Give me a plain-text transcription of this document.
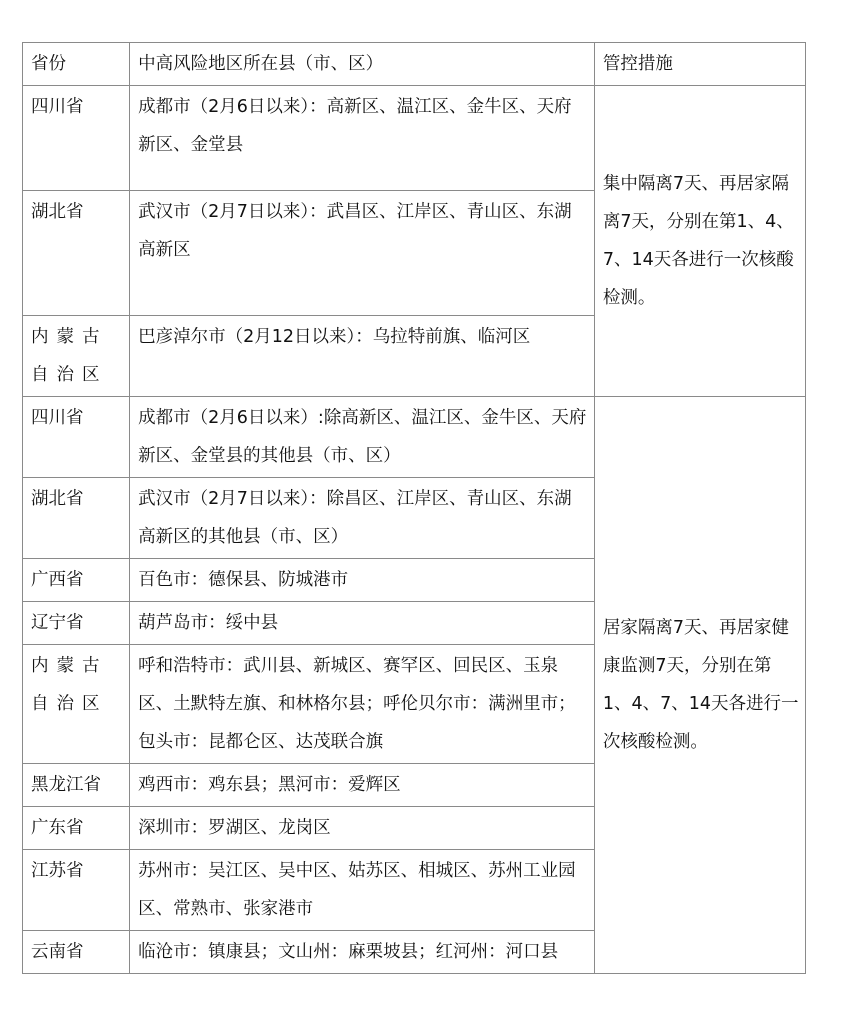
省份	中高风险地区所在县（市、区）	管控措施
四川省	成都市（2月6日以来）：高新区、温江区、金牛区、天府新区、金堂县	集中隔离7天、再居家隔离7天，分别在第1、4、7、14天各进行一次核酸检测。
湖北省	武汉市（2月7日以来）：武昌区、江岸区、青山区、东湖高新区	
内蒙古自治区	巴彦淖尔市（2月12日以来）：乌拉特前旗、临河区	
四川省	成都市（2月6日以来）:除高新区、温江区、金牛区、天府新区、金堂县的其他县（市、区）	居家隔离7天、再居家健康监测7天，分别在第1、4、7、14天各进行一次核酸检测。
湖北省	武汉市（2月7日以来）：除昌区、江岸区、青山区、东湖高新区的其他县（市、区）	
广西省	百色市：德保县、防城港市	
辽宁省	葫芦岛市：绥中县	
内蒙古自治区	呼和浩特市：武川县、新城区、赛罕区、回民区、玉泉区、土默特左旗、和林格尔县；呼伦贝尔市：满洲里市；包头市：昆都仑区、达茂联合旗	
黑龙江省	鸡西市：鸡东县；黑河市：爱辉区	
广东省	深圳市：罗湖区、龙岗区	
江苏省	苏州市：吴江区、吴中区、姑苏区、相城区、苏州工业园区、常熟市、张家港市	
云南省	临沧市：镇康县；文山州：麻栗坡县；红河州：河口县	
